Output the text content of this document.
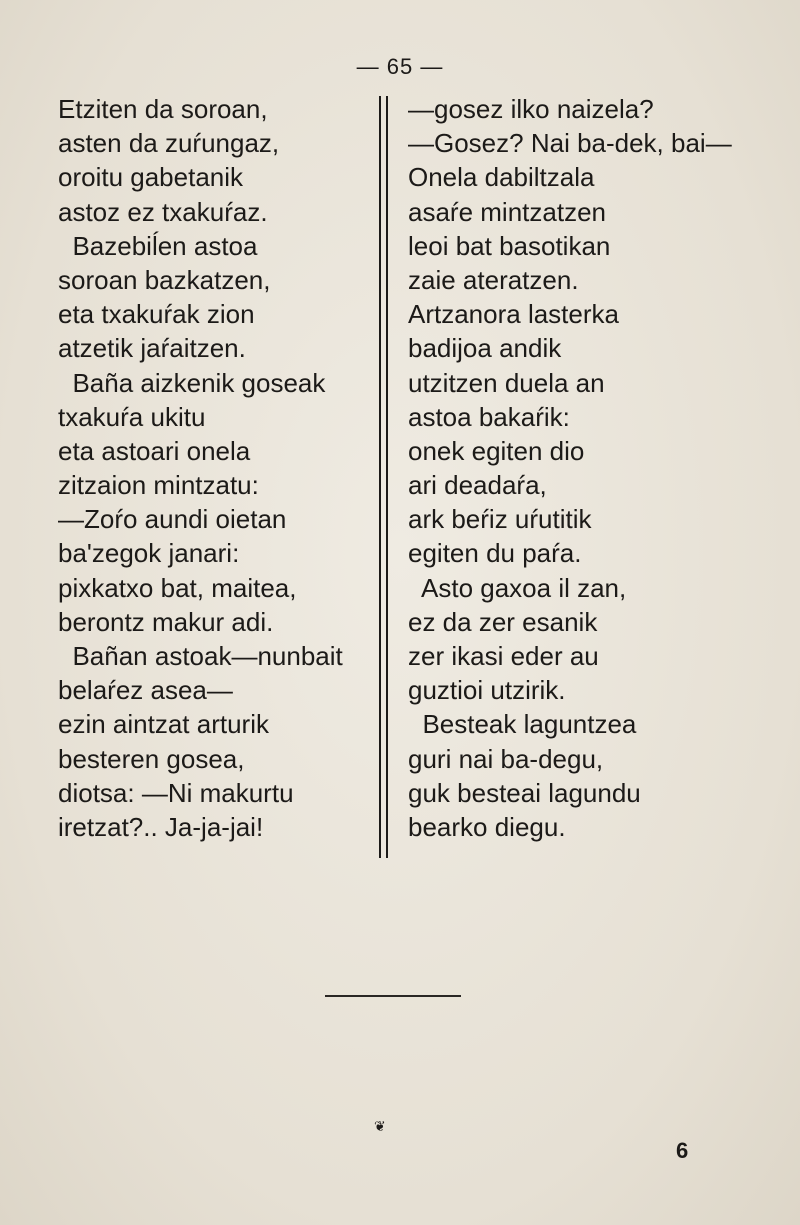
— 65 —
Etziten da soroan,
asten da zuŕungaz,
oroitu gabetanik
astoz ez txakuŕaz.
Bazebiĺen astoa
soroan bazkatzen,
eta txakuŕak zion
atzetik jaŕaitzen.
Baña aizkenik goseak
txakuŕa ukitu
eta astoari onela
zitzaion mintzatu:
—Zoŕo aundi oietan
ba'zegok janari:
pixkatxo bat, maitea,
berontz makur adi.
Bañan astoak—nunbait
belaŕez asea—
ezin aintzat arturik
besteren gosea,
diotsa: —Ni makurtu
iretzat?.. Ja-ja-jai!
—gosez ilko naizela?
—Gosez? Nai ba-dek, bai—
Onela dabiltzala
asaŕe mintzatzen
leoi bat basotikan
zaie ateratzen.
Artzanora lasterka
badijoa andik
utzitzen duela an
astoa bakaŕik:
onek egiten dio
ari deadaŕa,
ark beŕiz uŕutitik
egiten du paŕa.
Asto gaxoa il zan,
ez da zer esanik
zer ikasi eder au
guztioi utzirik.
Besteak laguntzea
guri nai ba-degu,
guk besteai lagundu
bearko diegu.
❦
6
